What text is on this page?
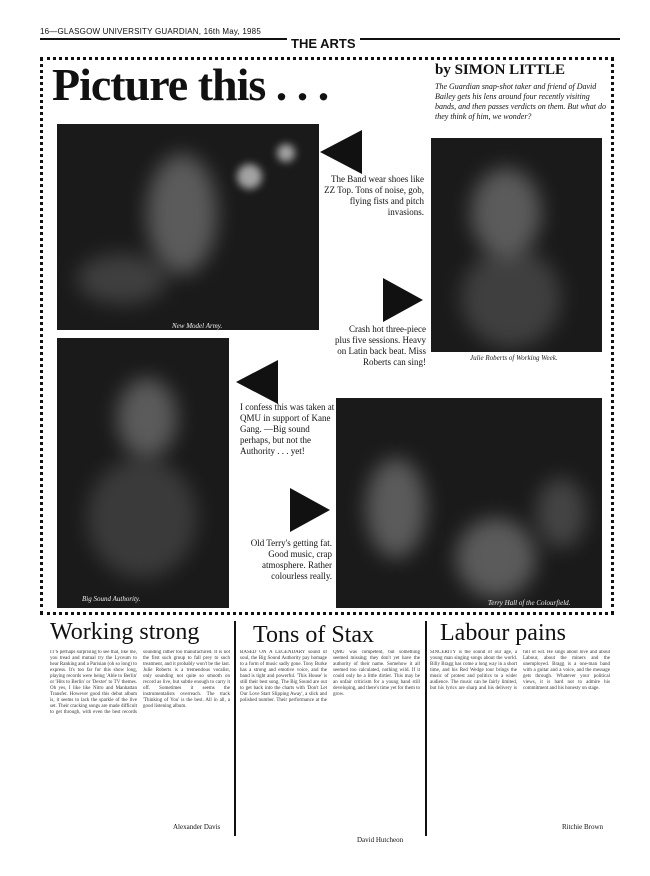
16—GLASGOW UNIVERSITY GUARDIAN, 16th May, 1985
THE ARTS
Picture this . . .	by SIMON LITTLE
The Guardian snap-shot taker and friend of David Bailey gets his lens around four recently visiting bands, and then passes verdicts on them. But what do they think of him, we wonder?
New Model Army.
The Band wear shoes like ZZ Top. Tons of noise, gob, flying fists and pitch invasions.
Julie Roberts of Working Week.
Crash hot three-piece plus five sessions. Heavy on Latin back beat. Miss Roberts can sing!
Big Sound Authority.
I confess this was taken at QMU in support of Kane Gang. —Big sound perhaps, but not the Authority . . . yet!
Terry Hall of the Colourfield.
Old Terry's getting fat. Good music, crap atmosphere. Rather colourless really.
Working strong
IT'S perhaps surprising to see that, like me, you tread and mutual try the Lyceum to hear Ranking and a Parisian (oh so long) to express. It's too far for this show long, playing records were being 'Able to Berlin' or 'Hits to Berlin' or 'Dexter' to TV themes. Oh yes, I like like Nitro and Manhattan Transfer. However good this debut album is, it seems to lack the sparkle of the live set. Their cracking songs are made difficult to get through, with even the best records sounding rather too manufactured. It is not the first such group to fall prey to such treatment, and it probably won't be the last. Julie Roberts is a tremendous vocalist, only sounding not quite so smooth on record as live, but subtle enough to carry it off. Sometimes it seems the instrumentalists overreach. The track 'Thinking of You' is the best. All in all, a good listening album.
Alexander Davis
Tons of Stax
BASED ON A LEGENDARY sound of soul, the Big Sound Authority pay homage to a form of music sadly gone. Tony Burke has a strong and emotive voice, and the band is tight and powerful. 'This House' is still their best song. The Big Sound are out to get back into the charts with 'Don't Let Our Love Start Slipping Away', a slick and polished number. Their performance at the QMU was competent, but something seemed missing; they don't yet have the authority of their name. Somehow it all seemed too calculated, nothing wild. If it could only be a little dirtier. This may be an unfair criticism for a young band still developing, and there's time yet for them to grow.
David Hutcheon
Labour pains
SINCERITY is the sound of our age, a young man singing songs about the world. Billy Bragg has come a long way in a short time, and his Red Wedge tour brings the music of protest and politics to a wider audience. The music can be fairly limited, but his lyrics are sharp and his delivery is full of wit. He sings about love and about Labour, about the miners and the unemployed. Bragg is a one-man band with a guitar and a voice, and the message gets through. Whatever your political views, it is hard not to admire his commitment and his honesty on stage.
Ritchie Brown
